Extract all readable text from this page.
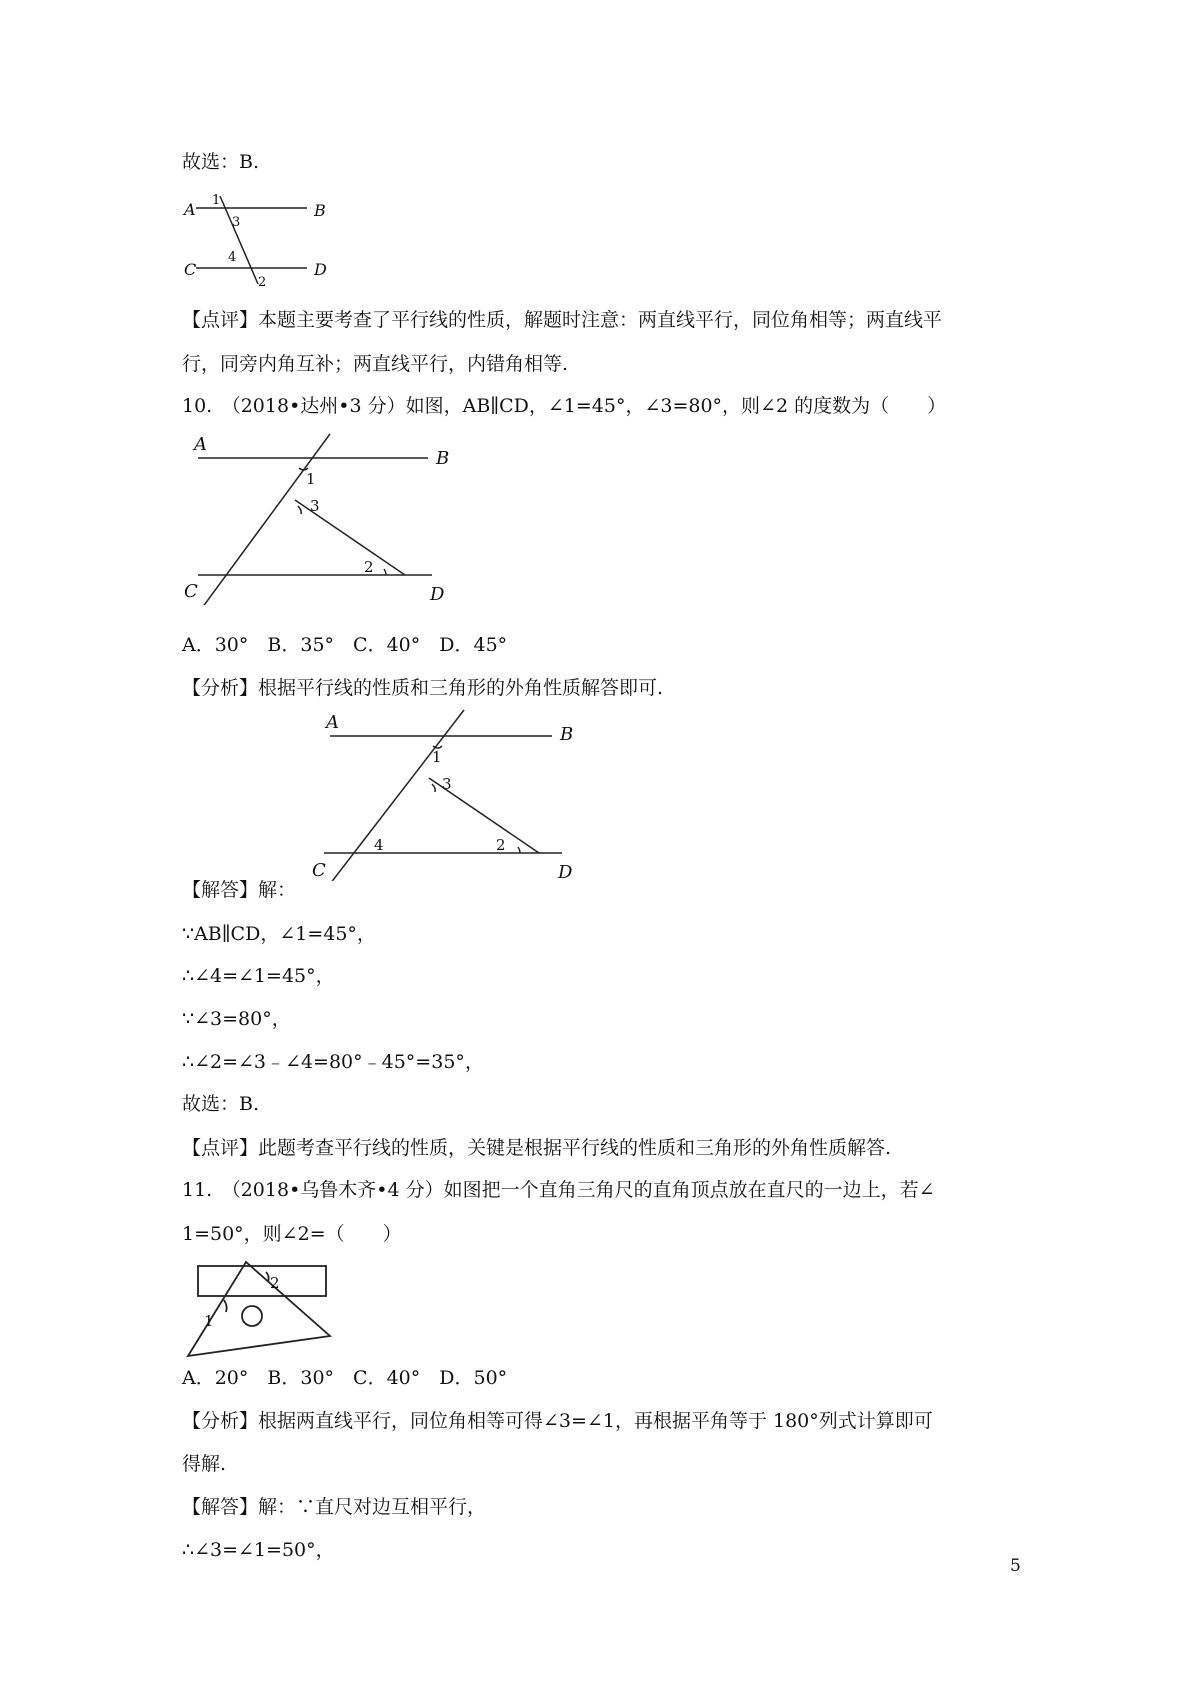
故选：B.
A	B
C	D
1
3
4
2
【点评】本题主要考查了平行线的性质，解题时注意：两直线平行，同位角相等；两直线平
行，同旁内角互补；两直线平行，内错角相等.
10.　（2018•达州•3 分）如图，AB∥CD，∠1=45°，∠3=80°，则∠2 的度数为（　　）
A
B
C	D
1
3
2
A．30°　B．35°　C．40°　D．45°
【分析】根据平行线的性质和三角形的外角性质解答即可.
A
B
C	D
1
3
4	2
【解答】解：
∵AB∥CD，∠1=45°，
∴∠4=∠1=45°，
∵∠3=80°，
∴∠2=∠3﹣∠4=80°﹣45°=35°，
故选：B.
【点评】此题考查平行线的性质，关键是根据平行线的性质和三角形的外角性质解答.
11.　（2018•乌鲁木齐•4 分）如图把一个直角三角尺的直角顶点放在直尺的一边上，若∠
1=50°，则∠2=（　　）
1
2
A．20°　B．30°　C．40°　D．50°
【分析】根据两直线平行，同位角相等可得∠3=∠1，再根据平角等于 180°列式计算即可
得解.
【解答】解：∵直尺对边互相平行，
∴∠3=∠1=50°，
5
